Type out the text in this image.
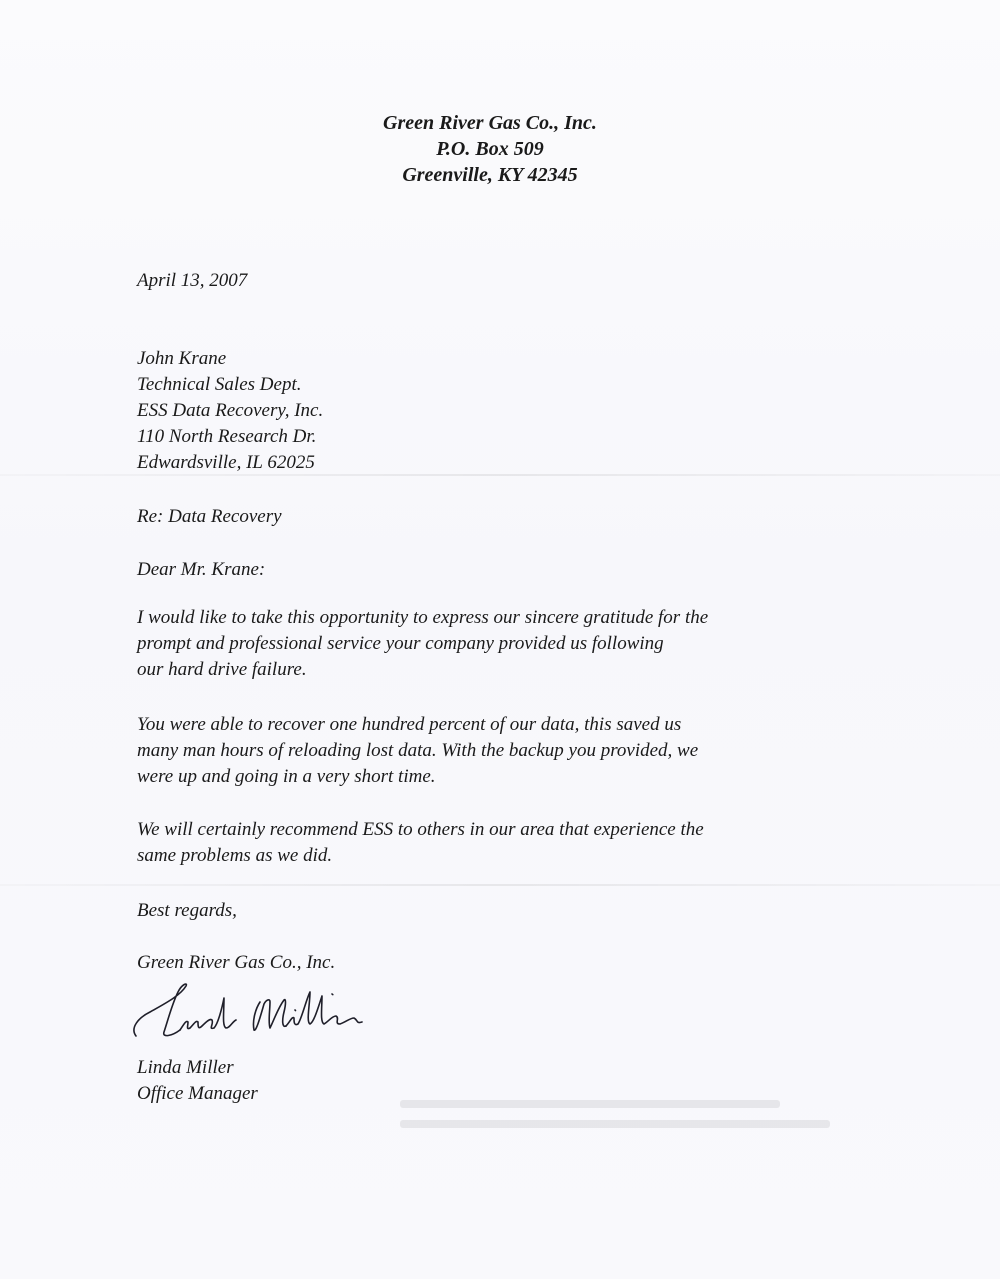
Green River Gas Co., Inc.
P.O. Box 509
Greenville, KY 42345
April 13, 2007
John Krane
Technical Sales Dept.
ESS Data Recovery, Inc.
110 North Research Dr.
Edwardsville, IL 62025
Re: Data Recovery
Dear Mr. Krane:
I would like to take this opportunity to express our sincere gratitude for the
prompt and professional service your company provided us following
our hard drive failure.
You were able to recover one hundred percent of our data, this saved us
many man hours of reloading lost data. With the backup you provided, we
were up and going in a very short time.
We will certainly recommend ESS to others in our area that experience the
same problems as we did.
Best regards,
Green River Gas Co., Inc.
Linda Miller
Office Manager
